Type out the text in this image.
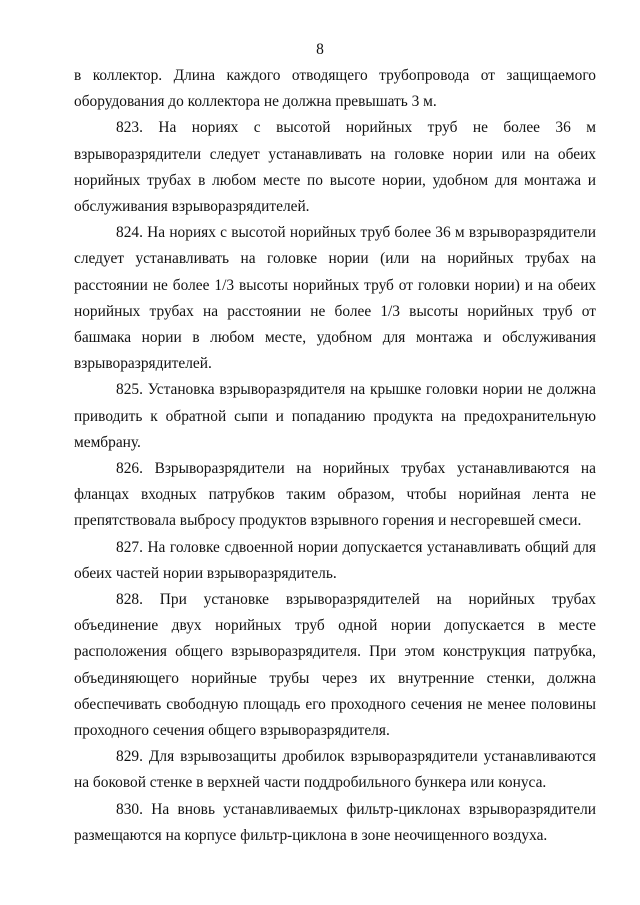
8

в коллектор. Длина каждого отводящего трубопровода от защищаемого оборудования до коллектора не должна превышать 3 м.

823. На нориях с высотой норийных труб не более 36 м взрыворазрядители следует устанавливать на головке нории или на обеих норийных трубах в любом месте по высоте нории, удобном для монтажа и обслуживания взрыворазрядителей.

824. На нориях с высотой норийных труб более 36 м взрыворазрядители следует устанавливать на головке нории (или на норийных трубах на расстоянии не более 1/3 высоты норийных труб от головки нории) и на обеих норийных трубах на расстоянии не более 1/3 высоты норийных труб от башмака нории в любом месте, удобном для монтажа и обслуживания взрыворазрядителей.

825. Установка взрыворазрядителя на крышке головки нории не должна приводить к обратной сыпи и попаданию продукта на предохранительную мембрану.

826. Взрыворазрядители на норийных трубах устанавливаются на фланцах входных патрубков таким образом, чтобы норийная лента не препятствовала выбросу продуктов взрывного горения и несгоревшей смеси.

827. На головке сдвоенной нории допускается устанавливать общий для обеих частей нории взрыворазрядитель.

828. При установке взрыворазрядителей на норийных трубах объединение двух норийных труб одной нории допускается в месте расположения общего взрыворазрядителя. При этом конструкция патрубка, объединяющего норийные трубы через их внутренние стенки, должна обеспечивать свободную площадь его проходного сечения не менее половины проходного сечения общего взрыворазрядителя.

829. Для взрывозащиты дробилок взрыворазрядители устанавливаются на боковой стенке в верхней части поддробильного бункера или конуса.

830. На вновь устанавливаемых фильтр-циклонах взрыворазрядители размещаются на корпусе фильтр-циклона в зоне неочищенного воздуха.
